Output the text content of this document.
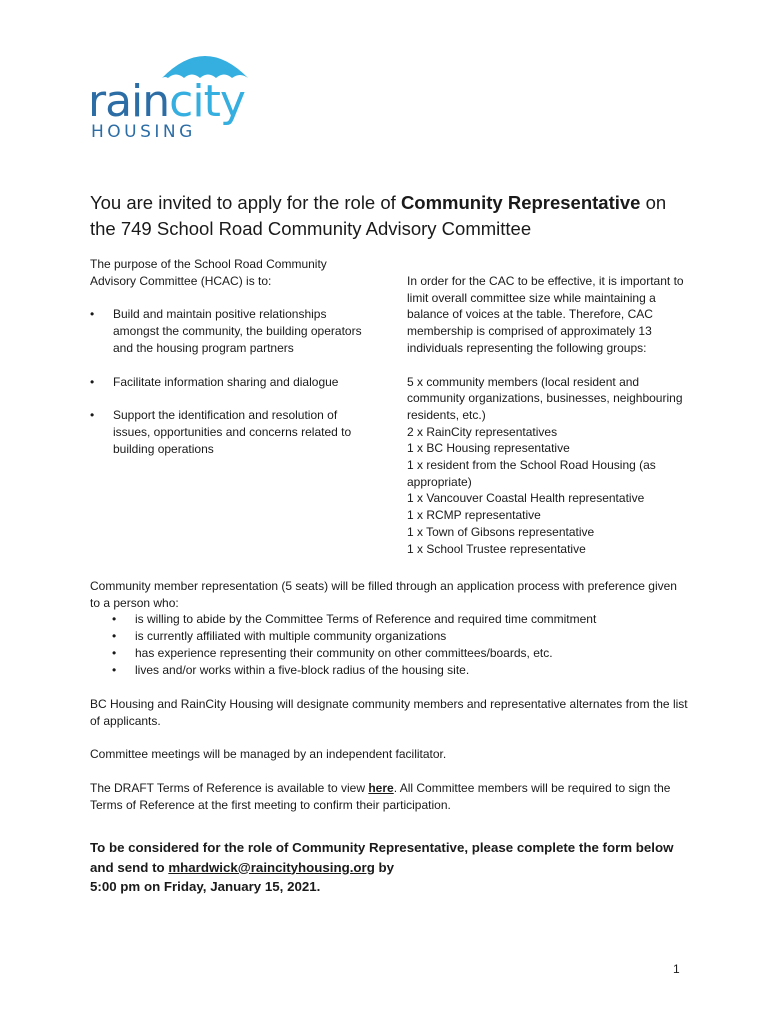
raincity
HOUSING
You are invited to apply for the role of Community Representative on the 749 School Road Community Advisory Committee
The purpose of the School Road Community Advisory Committee (HCAC) is to:
• Build and maintain positive relationships amongst the community, the building operators and the housing program partners
• Facilitate information sharing and dialogue
• Support the identification and resolution of issues, opportunities and concerns related to building operations
In order for the CAC to be effective, it is important to limit overall committee size while maintaining a balance of voices at the table. Therefore, CAC membership is comprised of approximately 13 individuals representing the following groups:
5 x community members (local resident and community organizations, businesses, neighbouring residents, etc.)
2 x RainCity representatives
1 x BC Housing representative
1 x resident from the School Road Housing (as appropriate)
1 x Vancouver Coastal Health representative
1 x RCMP representative
1 x Town of Gibsons representative
1 x School Trustee representative
Community member representation (5 seats) will be filled through an application process with preference given to a person who:
• is willing to abide by the Committee Terms of Reference and required time commitment
• is currently affiliated with multiple community organizations
• has experience representing their community on other committees/boards, etc.
• lives and/or works within a five-block radius of the housing site.
BC Housing and RainCity Housing will designate community members and representative alternates from the list of applicants.
Committee meetings will be managed by an independent facilitator.
The DRAFT Terms of Reference is available to view here. All Committee members will be required to sign the Terms of Reference at the first meeting to confirm their participation.
To be considered for the role of Community Representative, please complete the form below
and send to mhardwick@raincityhousing.org by
5:00 pm on Friday, January 15, 2021.
1
